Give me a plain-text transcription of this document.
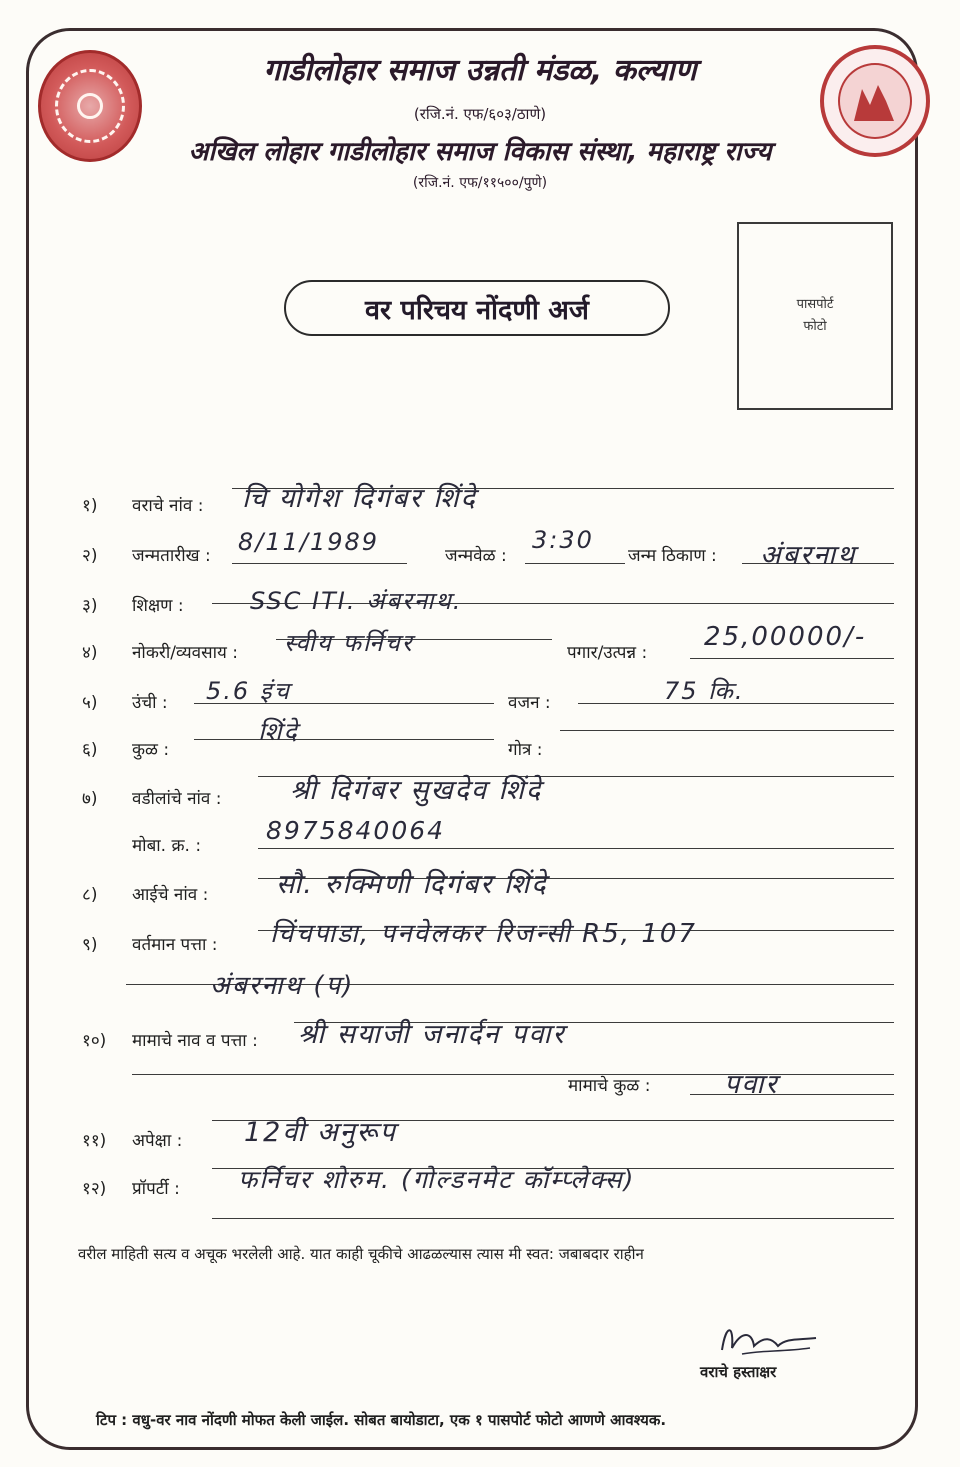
गाडीलोहार समाज उन्नती मंडळ, कल्याण
(रजि.नं. एफ/६०३/ठाणे)
अखिल लोहार गाडीलोहार समाज विकास संस्था, महाराष्ट्र राज्य
(रजि.नं. एफ/११५००/पुणे)
वर परिचय नोंदणी अर्ज	पासपोर्ट
फोटो
१) वराचे नांव : चि योगेश दिगंबर शिंदे
२) जन्मतारीख : 8/11/1989	जन्मवेळ :
3:30
जन्म ठिकाण : अंबरनाथ
३) शिक्षण :	SSC ITI. अंबरनाथ.
४) नोकरी/व्यवसाय : स्वीय फर्निचर	पगार/उत्पन्न :
25,00000/-
५) उंची : 5.6 इंच	वजन :	75 कि.
६) कुळ :
शिंदे
गोत्र :
७) वडीलांचे नांव :	श्री दिगंबर सुखदेव शिंदे
मोबा. क्र. :
8975840064
८) आईचे नांव :	सौ. रुक्मिणी दिगंबर शिंदे
९) वर्तमान पत्ता : चिंचपाडा, पनवेलकर रिजन्सी R5, 107
अंबरनाथ (प)
१०) मामाचे नाव व पत्ता : श्री सयाजी जनार्दन पवार
मामाचे कुळ :	पवार
११) अपेक्षा : 12वी अनुरूप
१२) प्रॉपर्टी : फर्निचर शोरुम. (गोल्डनमेट कॉम्प्लेक्स)
वरील माहिती सत्य व अचूक भरलेली आहे. यात काही चूकीचे आढळल्यास त्यास मी स्वत: जबाबदार राहीन
वराचे हस्ताक्षर
टिप : वधु-वर नाव नोंदणी मोफत केली जाईल. सोबत बायोडाटा, एक १ पासपोर्ट फोटो आणणे आवश्यक.
